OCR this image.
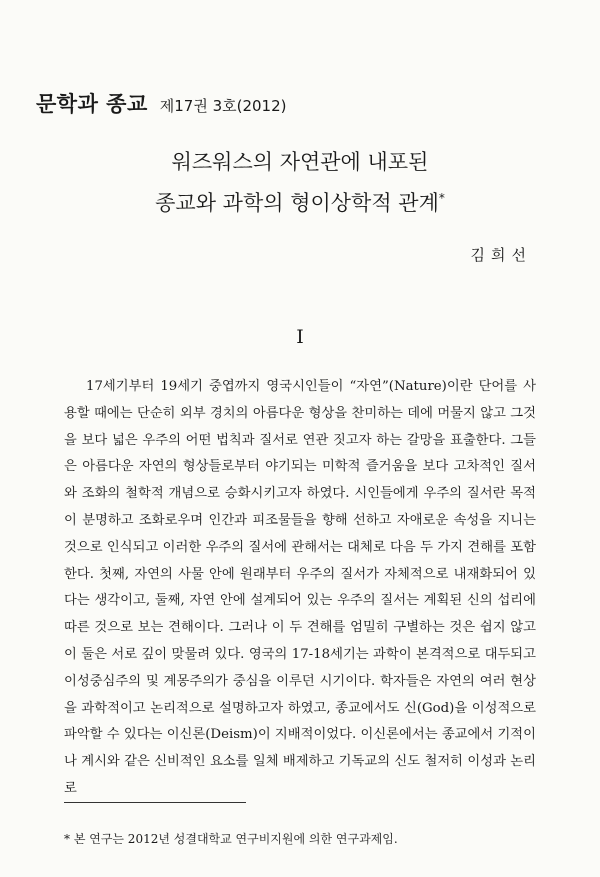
문학과 종교 제17권 3호(2012)
워즈워스의 자연관에 내포된
종교와 과학의 형이상학적 관계*
김희선
I

17세기부터 19세기 중엽까지 영국시인들이 “자연”(Nature)이란 단어를 사용할 때에는 단순히 외부 경치의 아름다운 형상을 찬미하는 데에 머물지 않고 그것을 보다 넓은 우주의 어떤 법칙과 질서로 연관 짓고자 하는 갈망을 표출한다. 그들은 아름다운 자연의 형상들로부터 야기되는 미학적 즐거움을 보다 고차적인 질서와 조화의 철학적 개념으로 승화시키고자 하였다. 시인들에게 우주의 질서란 목적이 분명하고 조화로우며 인간과 피조물들을 향해 선하고 자애로운 속성을 지니는 것으로 인식되고 이러한 우주의 질서에 관해서는 대체로 다음 두 가지 견해를 포함한다. 첫째, 자연의 사물 안에 원래부터 우주의 질서가 자체적으로 내재화되어 있다는 생각이고, 둘째, 자연 안에 설계되어 있는 우주의 질서는 계획된 신의 섭리에 따른 것으로 보는 견해이다. 그러나 이 두 견해를 엄밀히 구별하는 것은 쉽지 않고 이 둘은 서로 깊이 맞물려 있다. 영국의 17-18세기는 과학이 본격적으로 대두되고 이성중심주의 및 계몽주의가 중심을 이루던 시기이다. 학자들은 자연의 여러 현상을 과학적이고 논리적으로 설명하고자 하였고, 종교에서도 신(God)을 이성적으로 파악할 수 있다는 이신론(Deism)이 지배적이었다. 이신론에서는 종교에서 기적이나 계시와 같은 신비적인 요소를 일체 배제하고 기독교의 신도 철저히 이성과 논리로

* 본 연구는 2012년 성결대학교 연구비지원에 의한 연구과제임.
